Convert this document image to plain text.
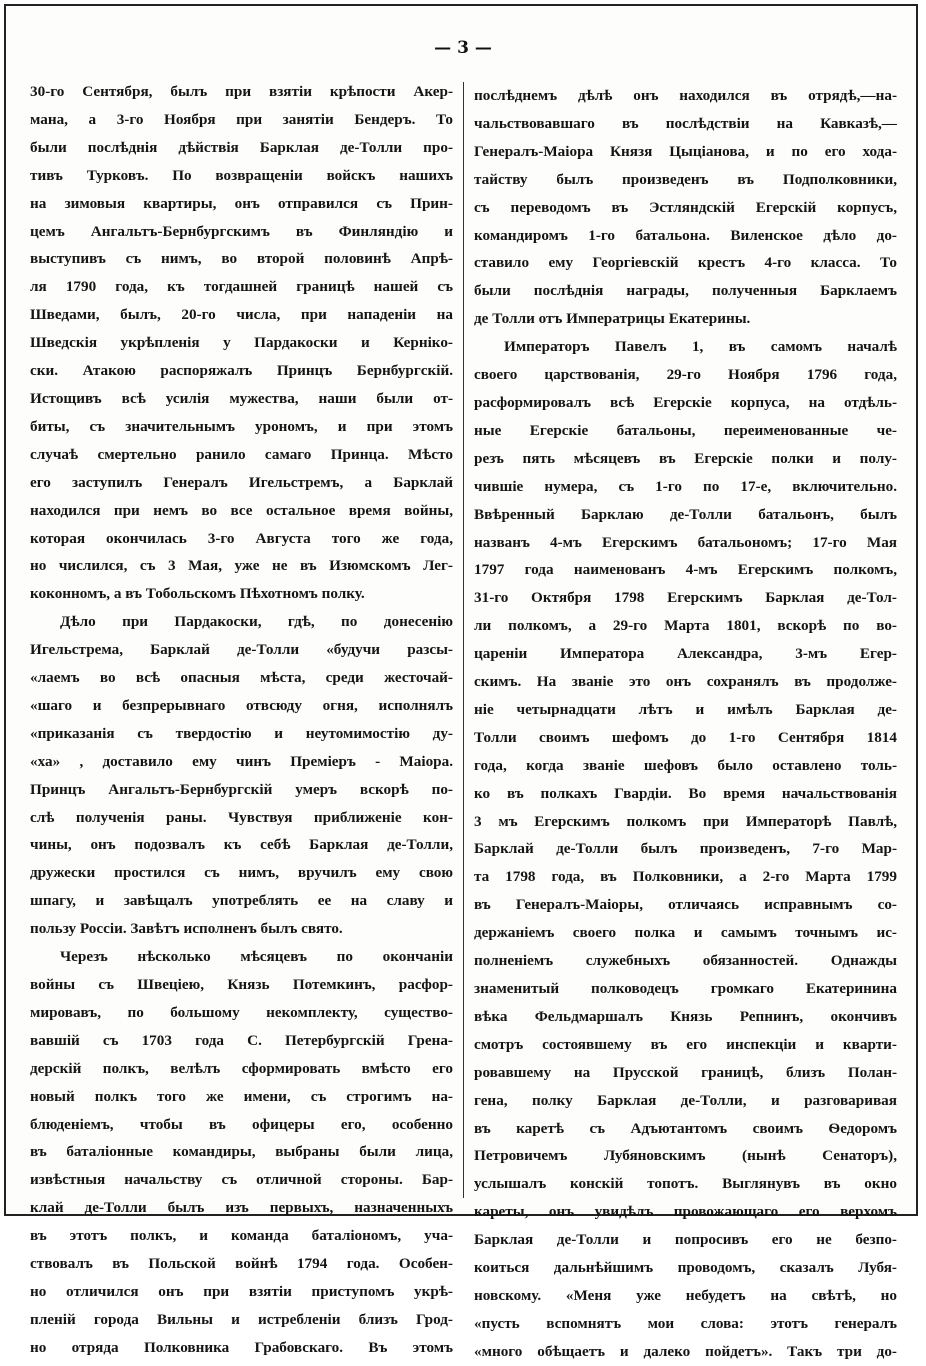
— 3 —
30-го Сентября, былъ при взятіи крѣпости Акер-
мана, а 3-го Ноября при занятіи Бендеръ. То
были послѣднія дѣйствія Барклая де-Толли про-
тивъ Турковъ. По возвращеніи войскъ нашихъ
на зимовыя квартиры, онъ отправился съ Прин-
цемъ Ангальтъ-Бернбургскимъ въ Финляндію и
выступивъ съ нимъ, во второй половинѣ Апрѣ-
ля 1790 года, къ тогдашней границѣ нашей съ
Шведами, былъ, 20-го числа, при нападеніи на
Шведскія укрѣпленія у Пардакоски и Керніко-
ски. Атакою распоряжалъ Принцъ Бернбургскій.
Истощивъ всѣ усилія мужества, наши были от-
биты, съ значительнымъ урономъ, и при этомъ
случаѣ смертельно ранило самаго Принца. Мѣсто
его заступилъ Генералъ Игельстремъ, а Барклай
находился при немъ во все остальное время войны,
которая окончилась 3-го Августа того же года,
но числился, съ 3 Мая, уже не въ Изюмскомъ Лег-
коконномъ, а въ Тобольскомъ Пѣхотномъ полку.
Дѣло при Пардакоски, гдѣ, по донесенію
Игельстрема, Барклай де-Толли «будучи разсы-
«лаемъ во всѣ опасныя мѣста, среди жесточай-
«шаго и безпрерывнаго отвсюду огня, исполнялъ
«приказанія съ твердостію и неутомимостію ду-
«ха» , доставило ему чинъ Преміеръ - Маіора.
Принцъ Ангальтъ-Бернбургскій умеръ вскорѣ по-
слѣ полученія раны. Чувствуя приближеніе кон-
чины, онъ подозвалъ къ себѣ Барклая де-Толли,
дружески простился съ нимъ, вручилъ ему свою
шпагу, и завѣщалъ употреблять ее на славу и
пользу Россіи. Завѣтъ исполненъ былъ свято.
Черезъ нѣсколько мѣсяцевъ по окончаніи
войны съ Швеціею, Князь Потемкинъ, расфор-
мировавъ, по большому некомплекту, существо-
вавшій съ 1703 года С. Петербургскій Грена-
дерскій полкъ, велѣлъ сформировать вмѣсто его
новый полкъ того же имени, съ строгимъ на-
блюденіемъ, чтобы въ офицеры его, особенно
въ баталіонные командиры, выбраны были лица,
извѣстныя начальству съ отличной стороны. Бар-
клай де-Толли былъ изъ первыхъ, назначенныхъ
въ этотъ полкъ, и команда баталіономъ, уча-
ствовалъ въ Польской войнѣ 1794 года. Особен-
но отличился онъ при взятіи приступомъ укрѣ-
пленій города Вильны и истребленіи близъ Грод-
но отряда Полковника Грабовскаго. Въ этомъ
послѣднемъ дѣлѣ онъ находился въ отрядѣ,—на-
чальствовавшаго въ послѣдствіи на Кавказѣ,—
Генералъ-Маіора Князя Цыціанова, и по его хода-
тайству былъ произведенъ въ Подполковники,
съ переводомъ въ Эстляндскій Егерскій корпусъ,
командиромъ 1-го батальона. Виленское дѣло до-
ставило ему Георгіевскій крестъ 4-го класса. То
были послѣднія награды, полученныя Барклаемъ
де Толли отъ Императрицы Екатерины.
Императоръ Павелъ 1, въ самомъ началѣ
своего царствованія, 29-го Ноября 1796 года,
расформировалъ всѣ Егерскіе корпуса, на отдѣль-
ные Егерскіе батальоны, переименованные че-
резъ пять мѣсяцевъ въ Егерскіе полки и полу-
чившіе нумера, съ 1-го по 17-е, включительно.
Ввѣренный Барклаю де-Толли батальонъ, былъ
названъ 4-мъ Егерскимъ батальономъ; 17-го Мая
1797 года наименованъ 4-мъ Егерскимъ полкомъ,
31-го Октября 1798 Егерскимъ Барклая де-Тол-
ли полкомъ, а 29-го Марта 1801, вскорѣ по во-
цареніи Императора Александра, 3-мъ Егер-
скимъ. На званіе это онъ сохранялъ въ продолже-
ніе четырнадцати лѣтъ и имѣлъ Барклая де-
Толли своимъ шефомъ до 1-го Сентября 1814
года, когда званіе шефовъ было оставлено толь-
ко въ полкахъ Гвардіи. Во время начальствованія
3 мъ Егерскимъ полкомъ при Императорѣ Павлѣ,
Барклай де-Толли былъ произведенъ, 7-го Мар-
та 1798 года, въ Полковники, а 2-го Марта 1799
въ Генералъ-Маіоры, отличаясь исправнымъ со-
держаніемъ своего полка и самымъ точнымъ ис-
полненіемъ служебныхъ обязанностей. Однажды
знаменитый полководецъ громкаго Екатерининa
вѣка Фельдмаршалъ Князь Репнинъ, окончивъ
смотръ состоявшему въ его инспекціи и кварти-
ровавшему на Прусской границѣ, близъ Полан-
гена, полку Барклая де-Толли, и разговаривая
въ каретѣ съ Адъютантомъ своимъ Ѳедоромъ
Петровичемъ Лубяновскимъ (нынѣ Сенаторъ),
услышалъ конскій топотъ. Выглянувъ въ окно
кареты, онъ увидѣлъ провожающаго его верхомъ
Барклая де-Толли и попросивъ его не безпо-
коиться дальнѣйшимъ проводомъ, сказалъ Лубя-
новскому. «Меня уже небудетъ на свѣтѣ, но
«пусть вспомнятъ мои слова: этотъ генералъ
«много обѣщаетъ и далеко пойдетъ». Такъ три до-
